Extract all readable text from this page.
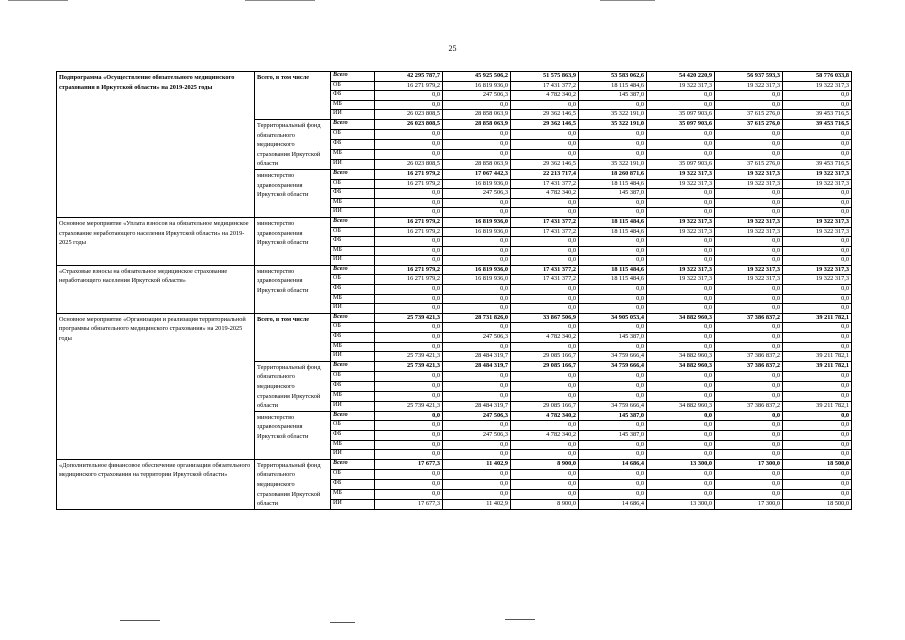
25
Подпрограмма «Осуществление обязательного медицинского страхования в Иркутской области» на 2019-2025 годы	Всего, в том числе	Всего	42 295 787,7	45 925 506,2	51 575 863,9	53 583 062,6	54 420 220,9	56 937 593,3	58 776 033,8
		ОБ	16 271 979,2	16 819 936,0	17 431 377,2	18 115 484,6	19 322 317,3	19 322 317,3	19 322 317,3
		ФБ	0,0	247 506,3	4 782 340,2	145 387,0	0,0	0,0	0,0
		МБ	0,0	0,0	0,0	0,0	0,0	0,0	0,0
		ИИ	26 023 808,5	28 858 063,9	29 362 146,5	35 322 191,0	35 097 903,6	37 615 276,0	39 453 716,5
	Территориальный фонд обязательного медицинского страхования Иркутской области	Всего	26 023 808,5	28 858 063,9	29 362 146,5	35 322 191,0	35 097 903,6	37 615 276,0	39 453 716,5
		ОБ	0,0	0,0	0,0	0,0	0,0	0,0	0,0
		ФБ	0,0	0,0	0,0	0,0	0,0	0,0	0,0
		МБ	0,0	0,0	0,0	0,0	0,0	0,0	0,0
		ИИ	26 023 808,5	28 858 063,9	29 362 146,5	35 322 191,0	35 097 903,6	37 615 276,0	39 453 716,5
	министерство здравоохранения Иркутской области	Всего	16 271 979,2	17 067 442,3	22 213 717,4	18 260 871,6	19 322 317,3	19 322 317,3	19 322 317,3
		ОБ	16 271 979,2	16 819 936,0	17 431 377,2	18 115 484,6	19 322 317,3	19 322 317,3	19 322 317,3
		ФБ	0,0	247 506,3	4 782 340,2	145 387,0	0,0	0,0	0,0
		МБ	0,0	0,0	0,0	0,0	0,0	0,0	0,0
		ИИ	0,0	0,0	0,0	0,0	0,0	0,0	0,0
Основное мероприятие «Уплата взносов на обязательное медицинское страхование неработающего населения Иркутской области» на 2019-2025 годы	министерство здравоохранения Иркутской области	Всего	16 271 979,2	16 819 936,0	17 431 377,2	18 115 484,6	19 322 317,3	19 322 317,3	19 322 317,3
		ОБ	16 271 979,2	16 819 936,0	17 431 377,2	18 115 484,6	19 322 317,3	19 322 317,3	19 322 317,3
		ФБ	0,0	0,0	0,0	0,0	0,0	0,0	0,0
		МБ	0,0	0,0	0,0	0,0	0,0	0,0	0,0
		ИИ	0,0	0,0	0,0	0,0	0,0	0,0	0,0
«Страховые взносы на обязательное медицинское страхование неработающего населения Иркутской области»	министерство здравоохранения Иркутской области	Всего	16 271 979,2	16 819 936,0	17 431 377,2	18 115 484,6	19 322 317,3	19 322 317,3	19 322 317,3
		ОБ	16 271 979,2	16 819 936,0	17 431 377,2	18 115 484,6	19 322 317,3	19 322 317,3	19 322 317,3
		ФБ	0,0	0,0	0,0	0,0	0,0	0,0	0,0
		МБ	0,0	0,0	0,0	0,0	0,0	0,0	0,0
		ИИ	0,0	0,0	0,0	0,0	0,0	0,0	0,0
Основное мероприятие «Организация и реализация территориальной программы обязательного медицинского страхования» на 2019-2025 годы	Всего, в том числе	Всего	25 739 421,3	28 731 826,0	33 867 506,9	34 905 053,4	34 882 960,3	37 386 837,2	39 211 782,1
		ОБ	0,0	0,0	0,0	0,0	0,0	0,0	0,0
		ФБ	0,0	247 506,3	4 782 340,2	145 387,0	0,0	0,0	0,0
		МБ	0,0	0,0	0,0	0,0	0,0	0,0	0,0
		ИИ	25 739 421,3	28 484 319,7	29 085 166,7	34 759 666,4	34 882 960,3	37 386 837,2	39 211 782,1
	Территориальный фонд обязательного медицинского страхования Иркутской области	Всего	25 739 421,3	28 484 319,7	29 085 166,7	34 759 666,4	34 882 960,3	37 386 837,2	39 211 782,1
		ОБ	0,0	0,0	0,0	0,0	0,0	0,0	0,0
		ФБ	0,0	0,0	0,0	0,0	0,0	0,0	0,0
		МБ	0,0	0,0	0,0	0,0	0,0	0,0	0,0
		ИИ	25 739 421,3	28 484 319,7	29 085 166,7	34 759 666,4	34 882 960,3	37 386 837,2	39 211 782,1
	министерство здравоохранения Иркутской области	Всего	0,0	247 506,3	4 782 340,2	145 387,0	0,0	0,0	0,0
		ОБ	0,0	0,0	0,0	0,0	0,0	0,0	0,0
		ФБ	0,0	247 506,3	4 782 340,2	145 387,0	0,0	0,0	0,0
		МБ	0,0	0,0	0,0	0,0	0,0	0,0	0,0
		ИИ	0,0	0,0	0,0	0,0	0,0	0,0	0,0
«Дополнительное финансовое обеспечение организации обязательного медицинского страхования на территории Иркутской области»	Территориальный фонд обязательного медицинского страхования Иркутской области	Всего	17 677,3	11 402,9	8 900,0	14 686,4	13 300,0	17 300,0	18 500,0
		ОБ	0,0	0,0	0,0	0,0	0,0	0,0	0,0
		ФБ	0,0	0,0	0,0	0,0	0,0	0,0	0,0
		МБ	0,0	0,0	0,0	0,0	0,0	0,0	0,0
		ИИ	17 677,3	11 402,9	8 900,0	14 686,4	13 300,0	17 300,0	18 500,0
